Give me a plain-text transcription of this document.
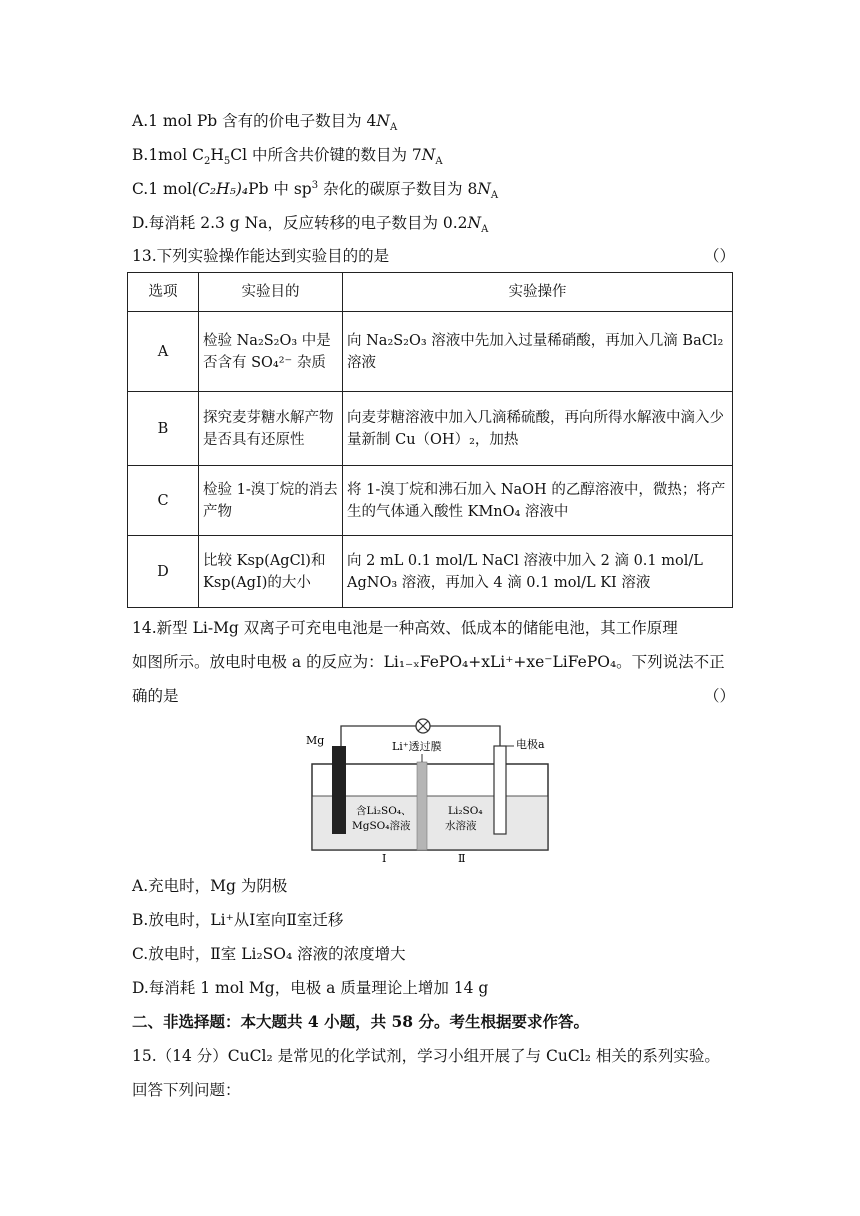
A.1 mol Pb 含有的价电子数目为 $4N_A$
B.1mol $C_2H_5Cl$ 中所含共价键的数目为 $7N_A$
C.1 mol(C₂H₅)₄Pb 中 $sp^3$ 杂化的碳原子数目为 $8N_A$
D.每消耗 2.3 g Na，反应转移的电子数目为 $0.2N_A$
13.下列实验操作能达到实验目的的是	（）
选项	实验目的	实验操作
A	检验 Na₂S₂O₃ 中是否含有 SO₄²⁻ 杂质	向 Na₂S₂O₃ 溶液中先加入过量稀硝酸，再加入几滴 BaCl₂ 溶液
B	探究麦芽糖水解产物是否具有还原性	向麦芽糖溶液中加入几滴稀硫酸，再向所得水解液中滴入少量新制 Cu（OH）₂，加热
C	检验 1-溴丁烷的消去产物	将 1-溴丁烷和沸石加入 NaOH 的乙醇溶液中，微热；将产生的气体通入酸性 KMnO₄ 溶液中
D	比较 Ksp(AgCl)和 Ksp(AgI)的大小	向 2 mL 0.1 mol/L NaCl 溶液中加入 2 滴 0.1 mol/L AgNO₃ 溶液，再加入 4 滴 0.1 mol/L KI 溶液
14.新型 Li-Mg 双离子可充电电池是一种高效、低成本的储能电池，其工作原理
如图所示。放电时电极 a 的反应为：Li₁₋ₓFePO₄+xLi⁺+xe⁻LiFePO₄。下列说法不正
确的是	（）
Mg	Li⁺透过膜	电极a
含Li₂SO₄、
MgSO₄溶液
Li₂SO₄
水溶液
Ⅰ	Ⅱ
A.充电时，Mg 为阴极
B.放电时，Li⁺从Ⅰ室向Ⅱ室迁移
C.放电时，Ⅱ室 Li₂SO₄ 溶液的浓度增大
D.每消耗 1 mol Mg，电极 a 质量理论上增加 14 g
二、非选择题：本大题共 4 小题，共 58 分。考生根据要求作答。
15.（14 分）CuCl₂ 是常见的化学试剂，学习小组开展了与 CuCl₂ 相关的系列实验。
回答下列问题：
